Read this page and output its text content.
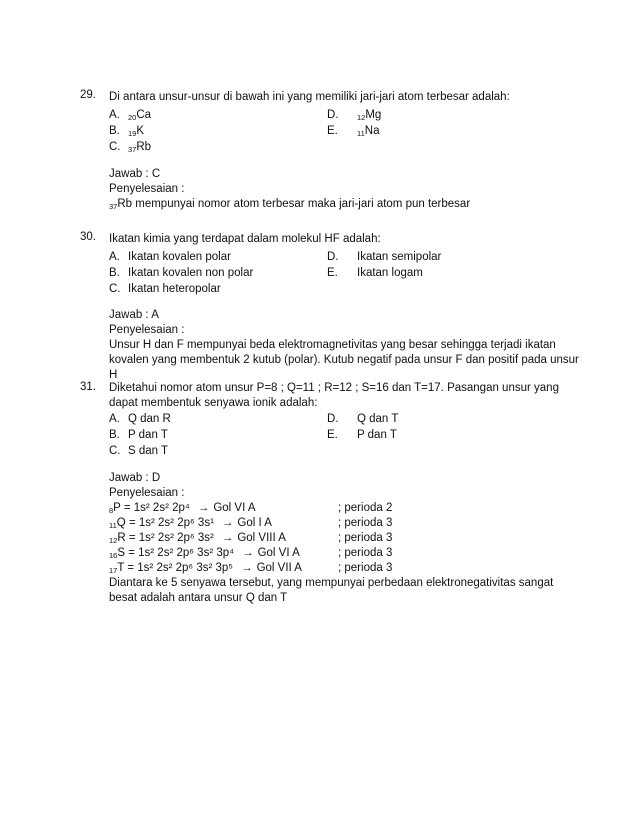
29. Di antara unsur-unsur di bawah ini yang memiliki jari-jari atom terbesar adalah:
A. $_{20}$Ca	D. $_{12}$Mg
B. $_{19}$K	E.	$_{11}$Na
C. $_{37}$Rb

Jawab : C

Penyelesaian :

$_{37}$Rb mempunyai nomor atom terbesar maka jari-jari atom pun terbesar

30. Ikatan kimia yang terdapat dalam molekul HF adalah:
A. Ikatan kovalen polar	D. Ikatan semipolar
B. Ikatan kovalen non polar	E. Ikatan logam
C. Ikatan heteropolar

Jawab : A

Penyelesaian :

Unsur H dan F mempunyai beda elektromagnetivitas yang besar sehingga terjadi ikatan kovalen yang membentuk 2 kutub (polar). Kutub negatif pada unsur F dan positif pada unsur H

31. Diketahui nomor atom unsur P=8 ; Q=11 ; R=12 ; S=16 dan T=17. Pasangan unsur yang dapat membentuk senyawa ionik adalah:
A. Q dan R	D. Q dan T
B. P dan T	E. P dan T
C. S dan T

Jawab : D

Penyelesaian :

$_8$P = 1s² 2s² 2p⁴ → Gol VI A	; perioda 2
$_{11}$Q = 1s² 2s² 2p⁶ 3s¹ → Gol I A	; perioda 3
$_{12}$R = 1s² 2s² 2p⁶ 3s² → Gol VIII A	; perioda 3
$_{16}$S = 1s² 2s² 2p⁶ 3s² 3p⁴ → Gol VI A	; perioda 3
$_{17}$T = 1s² 2s² 2p⁶ 3s² 3p⁵ → Gol VII A	; perioda 3

Diantara ke 5 senyawa tersebut, yang mempunyai perbedaan elektronegativitas sangat besat adalah antara unsur Q dan T
